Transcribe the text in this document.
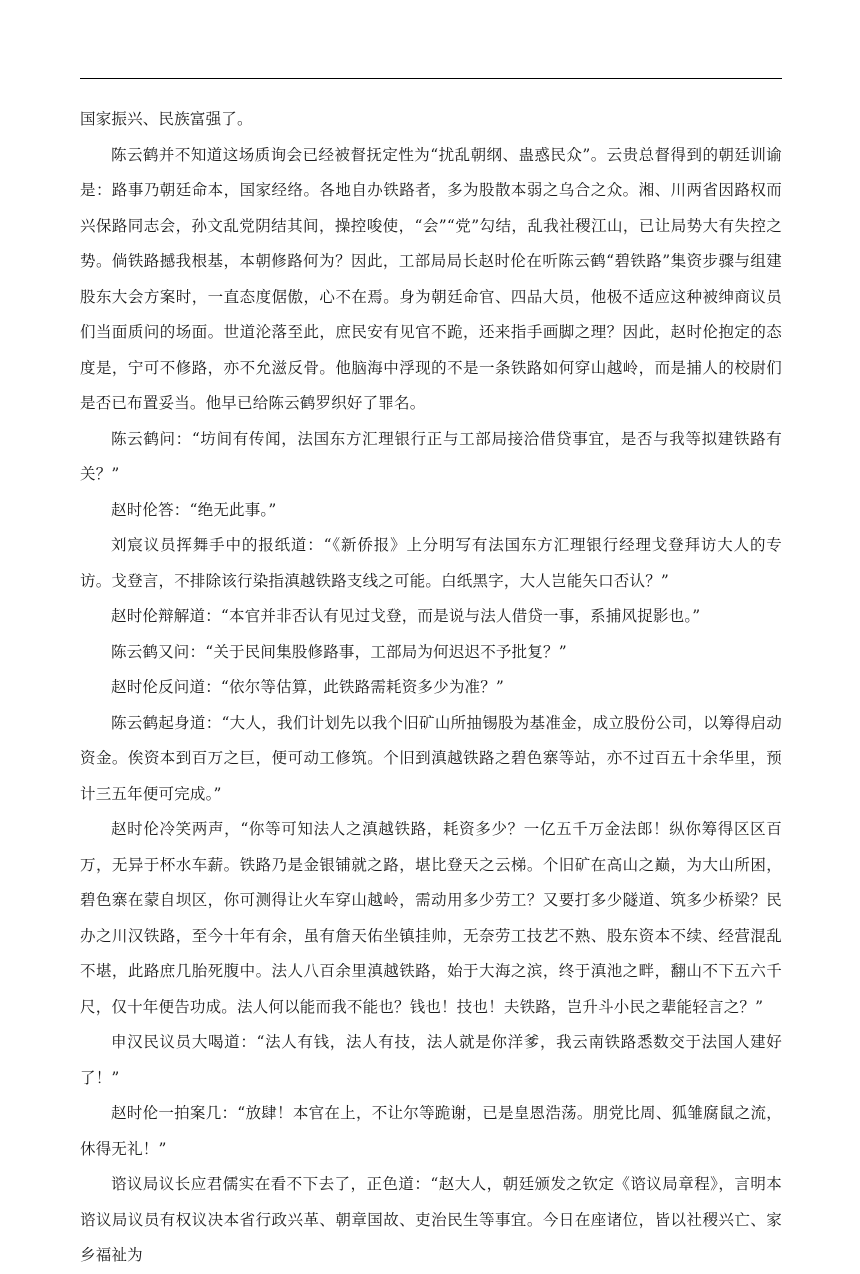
国家振兴、民族富强了。

陈云鹤并不知道这场质询会已经被督抚定性为“扰乱朝纲、蛊惑民众”。云贵总督得到的朝廷训谕是：路事乃朝廷命本，国家经络。各地自办铁路者，多为股散本弱之乌合之众。湘、川两省因路权而兴保路同志会，孙文乱党阴结其间，操控唆使，“会”“党”勾结，乱我社稷江山，已让局势大有失控之势。倘铁路撼我根基，本朝修路何为？因此，工部局局长赵时伦在听陈云鹤“碧铁路”集资步骤与组建股东大会方案时，一直态度倨傲，心不在焉。身为朝廷命官、四品大员，他极不适应这种被绅商议员们当面质问的场面。世道沦落至此，庶民安有见官不跪，还来指手画脚之理？因此，赵时伦抱定的态度是，宁可不修路，亦不允滋反骨。他脑海中浮现的不是一条铁路如何穿山越岭，而是捕人的校尉们是否已布置妥当。他早已给陈云鹤罗织好了罪名。

陈云鹤问：“坊间有传闻，法国东方汇理银行正与工部局接洽借贷事宜，是否与我等拟建铁路有关？”

赵时伦答：“绝无此事。”

刘宸议员挥舞手中的报纸道：“《新侨报》上分明写有法国东方汇理银行经理戈登拜访大人的专访。戈登言，不排除该行染指滇越铁路支线之可能。白纸黑字，大人岂能矢口否认？”

赵时伦辩解道：“本官并非否认有见过戈登，而是说与法人借贷一事，系捕风捉影也。”

陈云鹤又问：“关于民间集股修路事，工部局为何迟迟不予批复？”

赵时伦反问道：“依尔等估算，此铁路需耗资多少为准？”

陈云鹤起身道：“大人，我们计划先以我个旧矿山所抽锡股为基准金，成立股份公司，以筹得启动资金。俟资本到百万之巨，便可动工修筑。个旧到滇越铁路之碧色寨等站，亦不过百五十余华里，预计三五年便可完成。”

赵时伦冷笑两声，“你等可知法人之滇越铁路，耗资多少？一亿五千万金法郎！纵你筹得区区百万，无异于杯水车薪。铁路乃是金银铺就之路，堪比登天之云梯。个旧矿在高山之巅，为大山所困，碧色寨在蒙自坝区，你可测得让火车穿山越岭，需动用多少劳工？又要打多少隧道、筑多少桥梁？民办之川汉铁路，至今十年有余，虽有詹天佑坐镇挂帅，无奈劳工技艺不熟、股东资本不续、经营混乱不堪，此路庶几胎死腹中。法人八百余里滇越铁路，始于大海之滨，终于滇池之畔，翻山不下五六千尺，仅十年便告功成。法人何以能而我不能也？钱也！技也！夫铁路，岂升斗小民之辈能轻言之？”

申汉民议员大喝道：“法人有钱，法人有技，法人就是你洋爹，我云南铁路悉数交于法国人建好了！”

赵时伦一拍案几：“放肆！本官在上，不让尔等跪谢，已是皇恩浩荡。朋党比周、狐雏腐鼠之流，休得无礼！”

谘议局议长应君儒实在看不下去了，正色道：“赵大人，朝廷颁发之钦定《谘议局章程》，言明本谘议局议员有权议决本省行政兴革、朝章国故、吏治民生等事宜。今日在座诸位，皆以社稷兴亡、家乡福祉为
